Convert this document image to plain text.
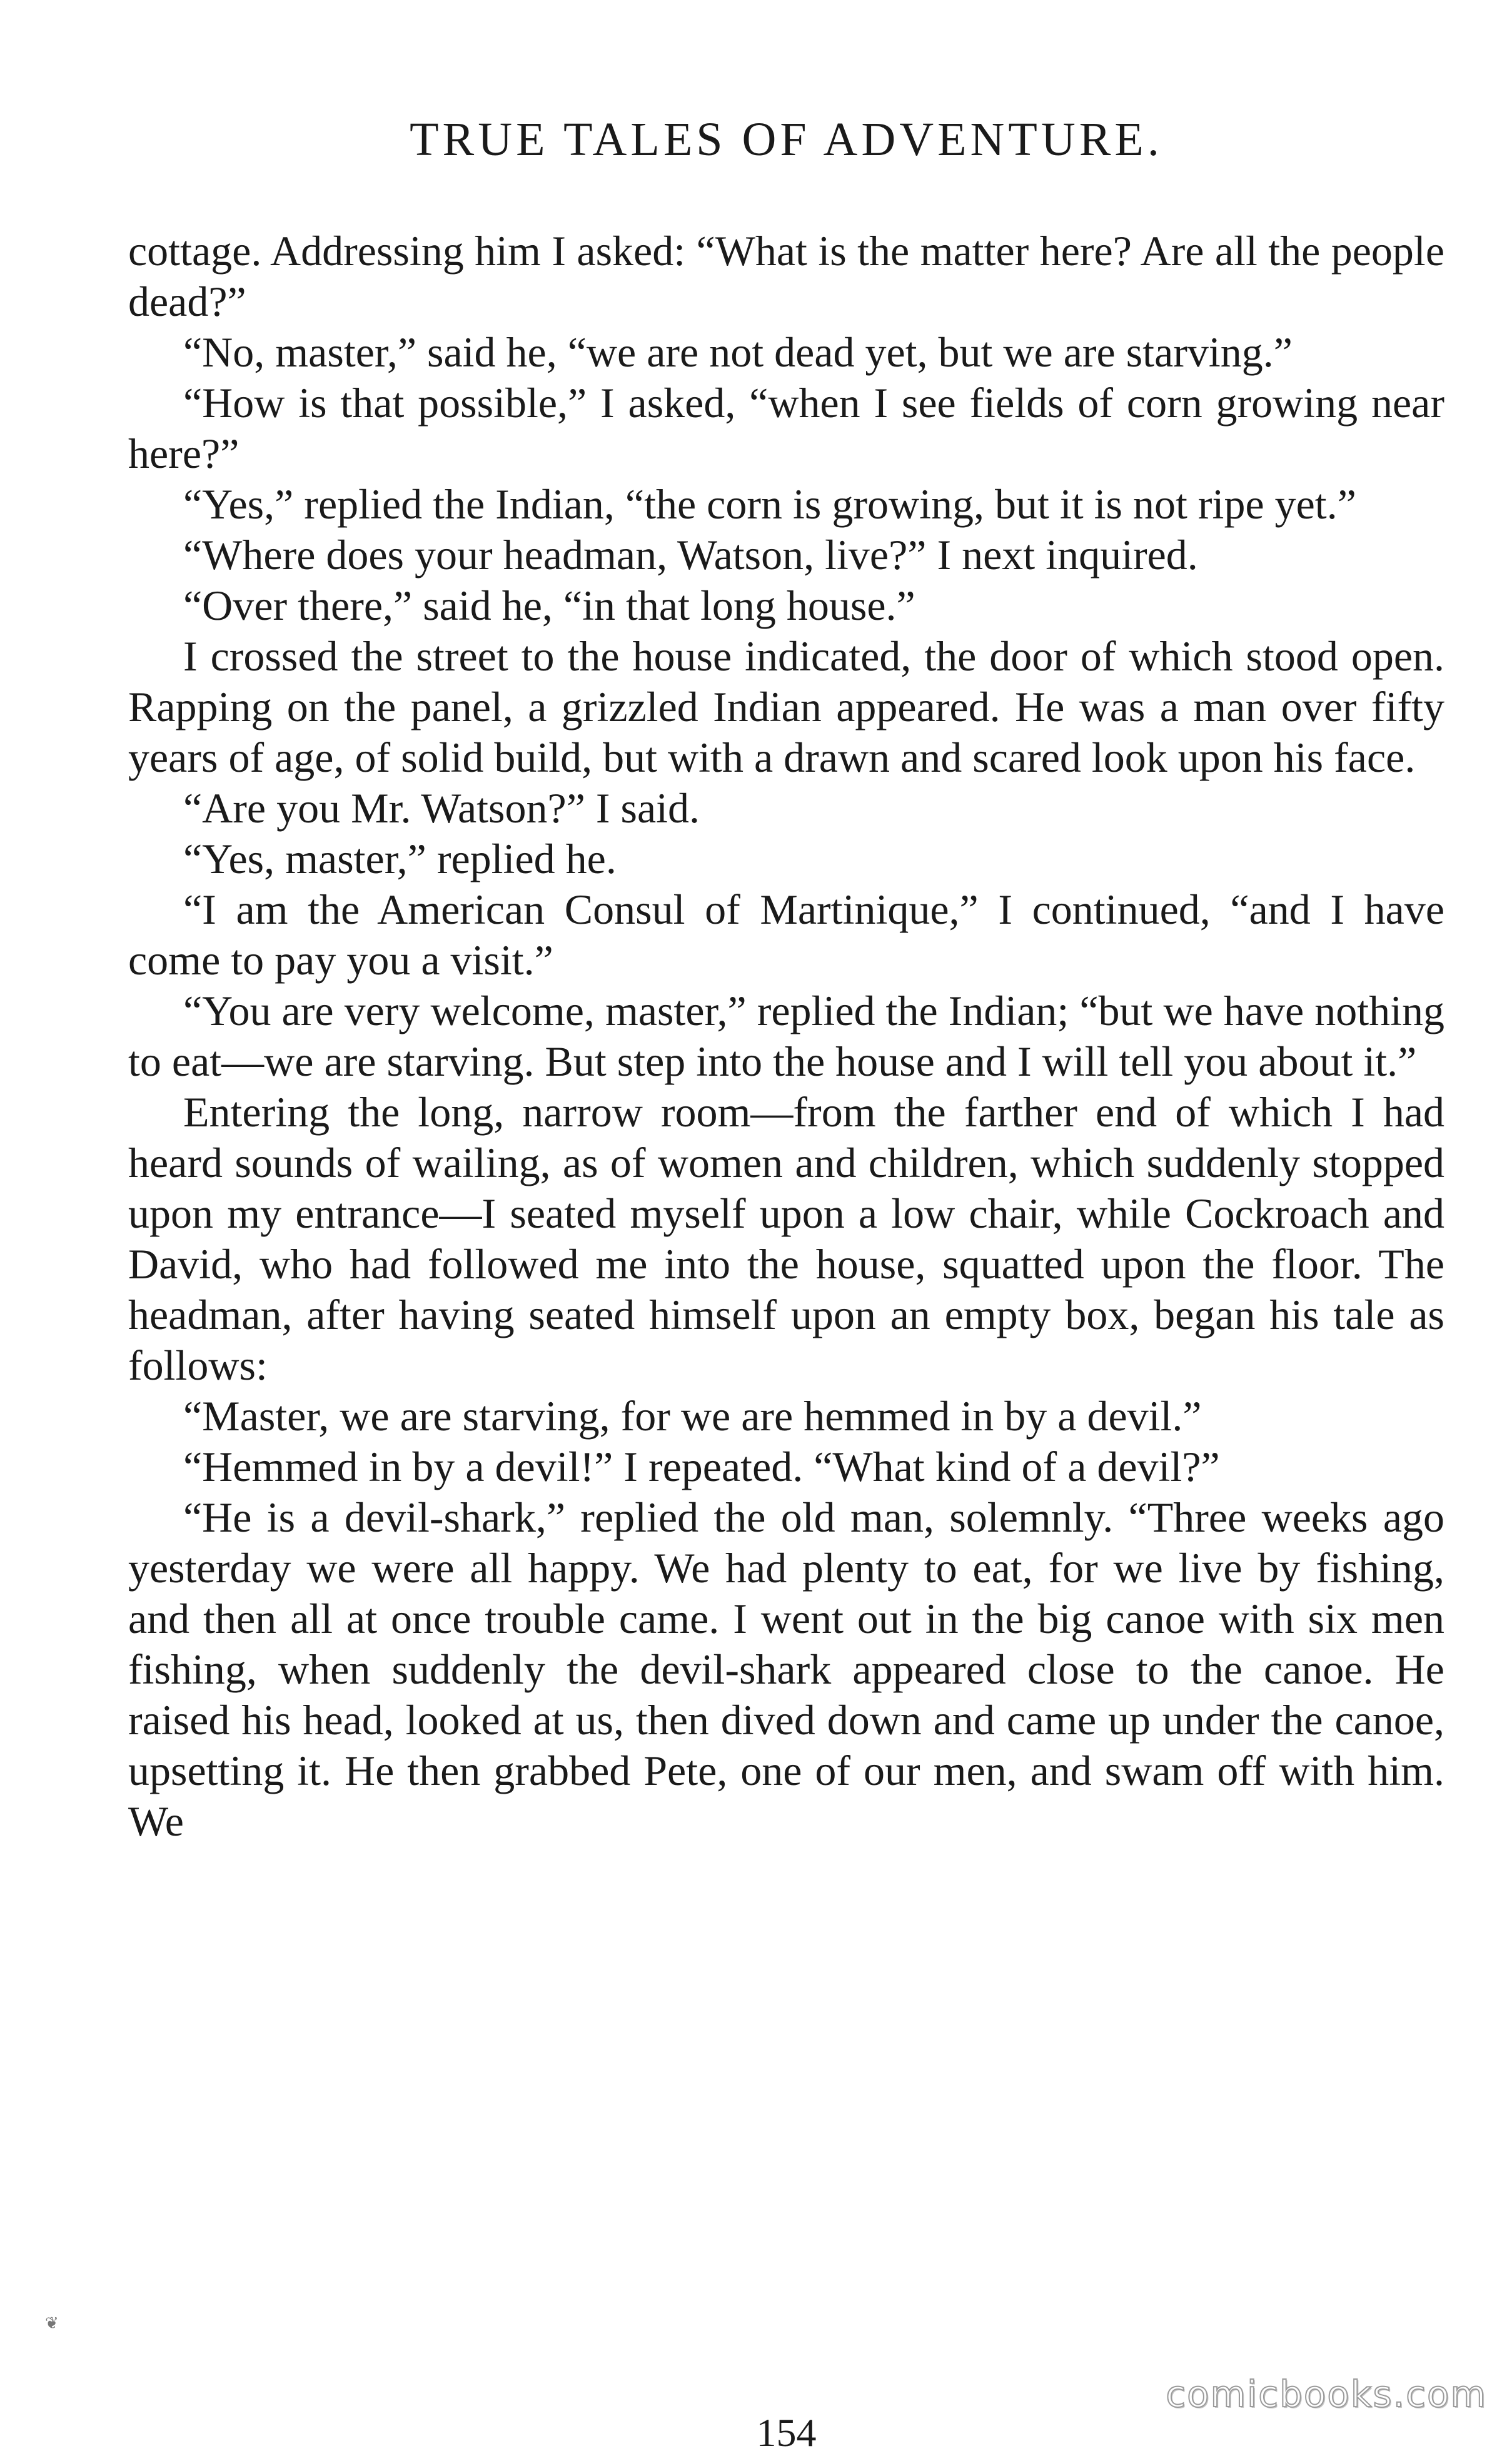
TRUE TALES OF ADVENTURE.

cottage. Addressing him I asked: “What is the matter here? Are all the people dead?”

“No, master,” said he, “we are not dead yet, but we are starving.”

“How is that possible,” I asked, “when I see fields of corn growing near here?”

“Yes,” replied the Indian, “the corn is growing, but it is not ripe yet.”

“Where does your headman, Watson, live?” I next inquired.

“Over there,” said he, “in that long house.”

I crossed the street to the house indicated, the door of which stood open. Rapping on the panel, a grizzled Indian appeared. He was a man over fifty years of age, of solid build, but with a drawn and scared look upon his face.

“Are you Mr. Watson?” I said.

“Yes, master,” replied he.

“I am the American Consul of Martinique,” I continued, “and I have come to pay you a visit.”

“You are very welcome, master,” replied the Indian; “but we have nothing to eat—we are starving. But step into the house and I will tell you about it.”

Entering the long, narrow room—from the farther end of which I had heard sounds of wailing, as of women and children, which suddenly stopped upon my entrance—I seated myself upon a low chair, while Cockroach and David, who had followed me into the house, squatted upon the floor. The headman, after having seated himself upon an empty box, began his tale as follows:

“Master, we are starving, for we are hemmed in by a devil.”

“Hemmed in by a devil!” I repeated. “What kind of a devil?”

“He is a devil-shark,” replied the old man, solemnly. “Three weeks ago yesterday we were all happy. We had plenty to eat, for we live by fishing, and then all at once trouble came. I went out in the big canoe with six men fishing, when suddenly the devil-shark appeared close to the canoe. He raised his head, looked at us, then dived down and came up under the canoe, upsetting it. He then grabbed Pete, one of our men, and swam off with him. We

154
❦
comicbooks.com
